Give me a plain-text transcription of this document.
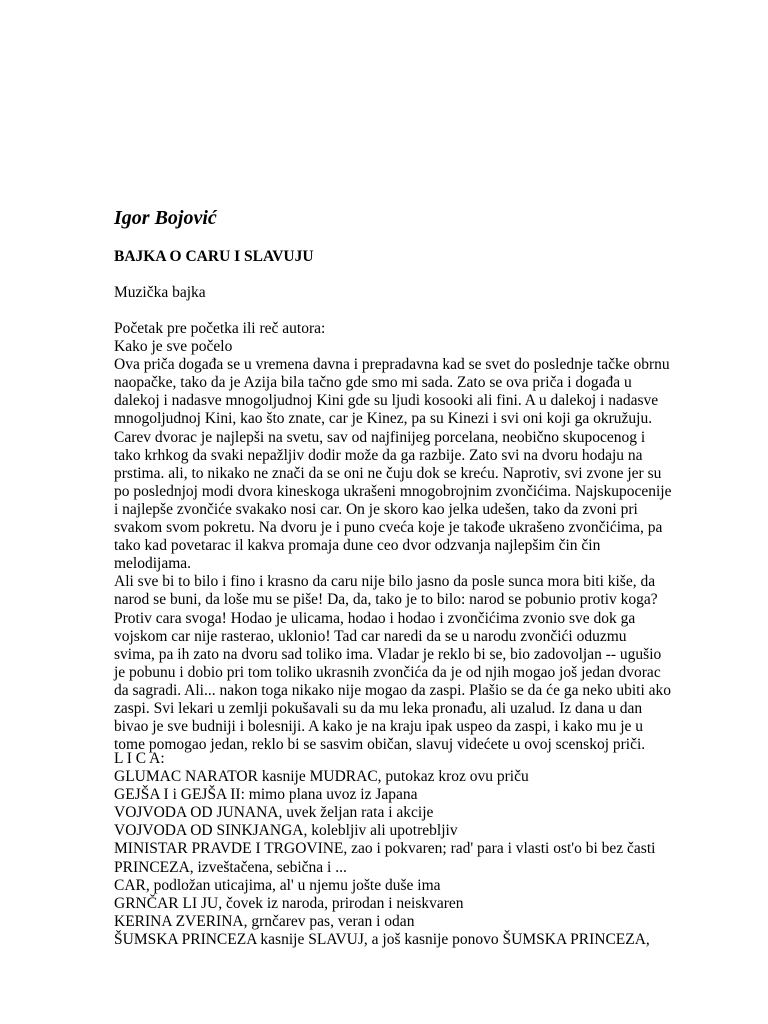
Igor Bojović
BAJKA O CARU I SLAVUJU
Muzička bajka
Početak pre početka ili reč autora:
Kako je sve počelo
Ova priča događa se u vremena davna i prepradavna kad se svet do poslednje tačke obrnu
naopačke, tako da je Azija bila tačno gde smo mi sada. Zato se ova priča i događa u
dalekoj i nadasve mnogoljudnoj Kini gde su ljudi kosooki ali fini. A u dalekoj i nadasve
mnogoljudnoj Kini, kao što znate, car je Kinez, pa su Kinezi i svi oni koji ga okružuju.
Carev dvorac je najlepši na svetu, sav od najfinijeg porcelana, neobično skupocenog i
tako krhkog da svaki nepažljiv dodir može da ga razbije. Zato svi na dvoru hodaju na
prstima. ali, to nikako ne znači da se oni ne čuju dok se kreću. Naprotiv, svi zvone jer su
po poslednjoj modi dvora kineskoga ukrašeni mnogobrojnim zvončićima. Najskupocenije
i najlepše zvončiće svakako nosi car. On je skoro kao jelka udešen, tako da zvoni pri
svakom svom pokretu. Na dvoru je i puno cveća koje je takođe ukrašeno zvončićima, pa
tako kad povetarac il kakva promaja dune ceo dvor odzvanja najlepšim čin čin
melodijama.
Ali sve bi to bilo i fino i krasno da caru nije bilo jasno da posle sunca mora biti kiše, da
narod se buni, da loše mu se piše! Da, da, tako je to bilo: narod se pobunio protiv koga?
Protiv cara svoga! Hodao je ulicama, hodao i hodao i zvončićima zvonio sve dok ga
vojskom car nije rasterao, uklonio! Tad car naredi da se u narodu zvončići oduzmu
svima, pa ih zato na dvoru sad toliko ima. Vladar je reklo bi se, bio zadovoljan -- ugušio
je pobunu i dobio pri tom toliko ukrasnih zvončića da je od njih mogao još jedan dvorac
da sagradi. Ali... nakon toga nikako nije mogao da zaspi. Plašio se da će ga neko ubiti ako
zaspi. Svi lekari u zemlji pokušavali su da mu leka pronađu, ali uzalud. Iz dana u dan
bivao je sve budniji i bolesniji. A kako je na kraju ipak uspeo da zaspi, i kako mu je u
tome pomogao jedan, reklo bi se sasvim običan, slavuj videćete u ovoj scenskoj priči.
L I C A:
GLUMAC NARATOR kasnije MUDRAC, putokaz kroz ovu priču
GEJŠA I i GEJŠA II: mimo plana uvoz iz Japana
VOJVODA OD JUNANA, uvek željan rata i akcije
VOJVODA OD SINKJANGA, kolebljiv ali upotrebljiv
MINISTAR PRAVDE I TRGOVINE, zao i pokvaren; rad' para i vlasti ost'o bi bez časti
PRINCEZA, izveštačena, sebična i ...
CAR, podložan uticajima, al' u njemu jošte duše ima
GRNČAR LI JU, čovek iz naroda, prirodan i neiskvaren
KERINA ZVERINA, grnčarev pas, veran i odan
ŠUMSKA PRINCEZA kasnije SLAVUJ, a još kasnije ponovo ŠUMSKA PRINCEZA,
